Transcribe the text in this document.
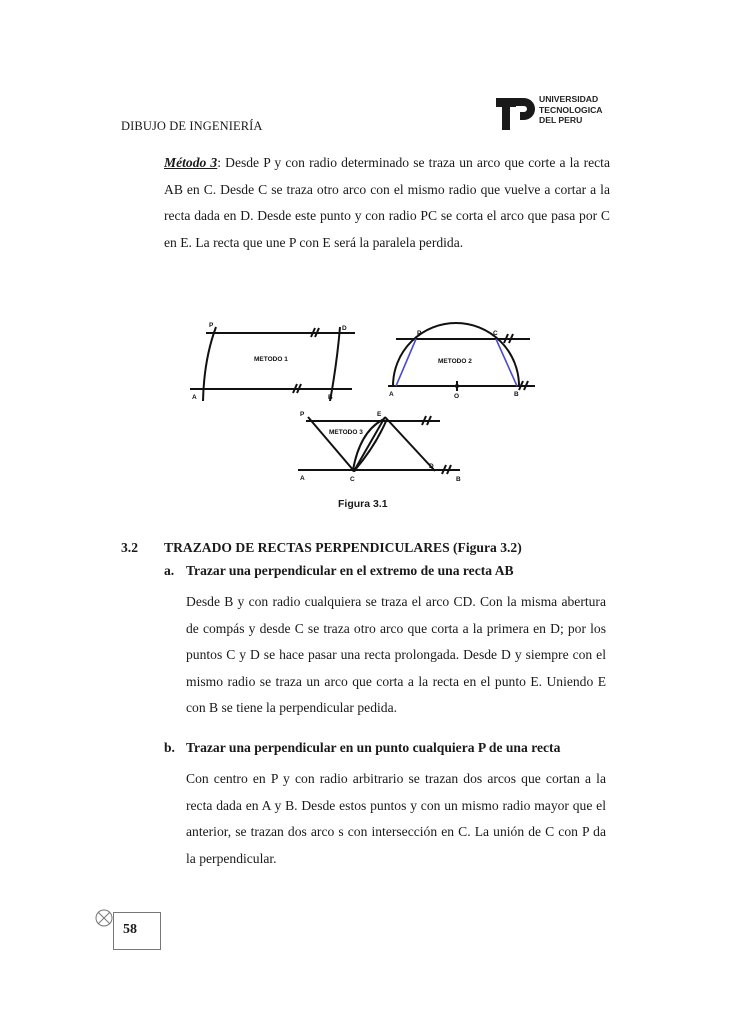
DIBUJO DE INGENIERÍA
UNIVERSIDAD
TECNOLOGICA
DEL PERU
Método 3: Desde P y con radio determinado se traza un arco que corte a la recta AB en C. Desde C se traza otro arco con el mismo radio que vuelve a cortar a la recta dada en D. Desde este punto y con radio PC se corta el arco que pasa por C en E. La recta que une P con E será la paralela perdida.
METODO 1
P	D
A	B
METODO 2
P	C
A	O	B
METODO 3
P	E
D
A	C	B
Figura 3.1
3.2 TRAZADO DE RECTAS PERPENDICULARES (Figura 3.2)
a. Trazar una perpendicular en el extremo de una recta AB
Desde B y con radio cualquiera se traza el arco CD. Con la misma abertura de compás y desde C se traza otro arco que corta a la primera en D; por los puntos C y D se hace pasar una recta prolongada. Desde D y siempre con el mismo radio se traza un arco que corta a la recta en el punto E. Uniendo E con B se tiene la perpendicular pedida.
b. Trazar una perpendicular en un punto cualquiera P de una recta
Con centro en P y con radio arbitrario se trazan dos arcos que cortan a la recta dada en A y B. Desde estos puntos y con un mismo radio mayor que el anterior, se trazan dos arco s con intersección en C. La unión de C con P da la perpendicular.
58
